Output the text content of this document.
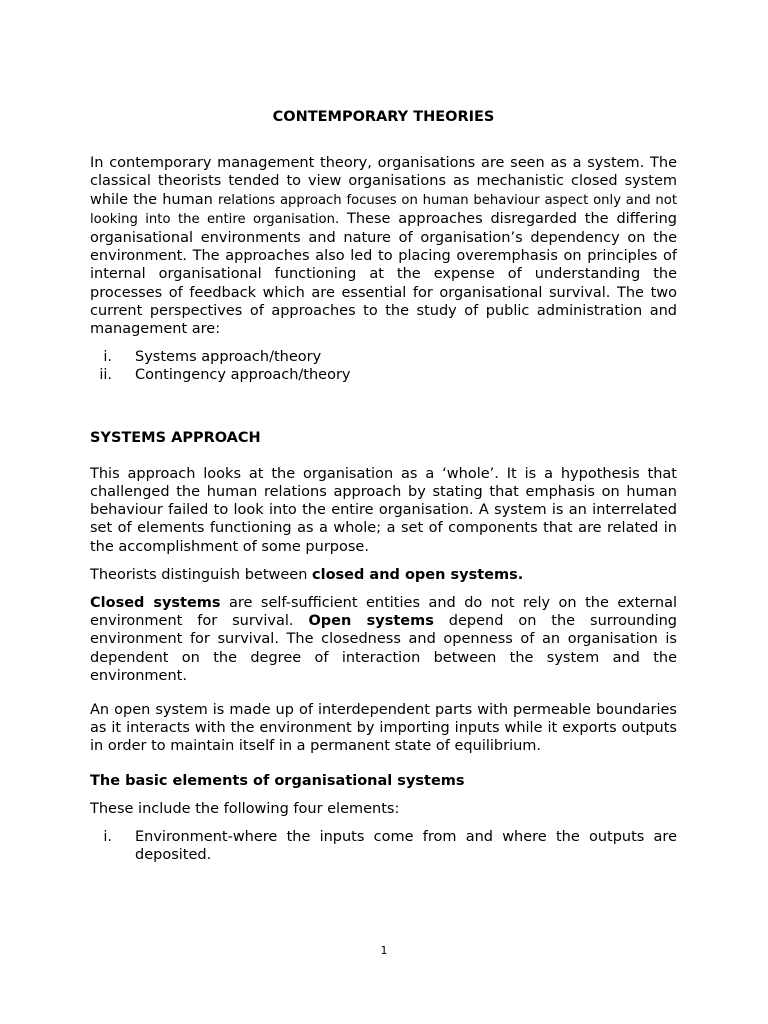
CONTEMPORARY THEORIES

In contemporary management theory, organisations are seen as a system. The classical theorists tended to view organisations as mechanistic closed system while the human relations approach focuses on human behaviour aspect only and not looking into the entire organisation. These approaches disregarded the differing organisational environments and nature of organisation’s dependency on the environment. The approaches also led to placing overemphasis on principles of internal organisational functioning at the expense of understanding the processes of feedback which are essential for organisational survival. The two current perspectives of approaches to the study of public administration and management are:

i. Systems approach/theory
ii. Contingency approach/theory
SYSTEMS APPROACH

This approach looks at the organisation as a ‘whole’. It is a hypothesis that challenged the human relations approach by stating that emphasis on human behaviour failed to look into the entire organisation. A system is an interrelated set of elements functioning as a whole; a set of components that are related in the accomplishment of some purpose.

Theorists distinguish between closed and open systems.

Closed systems are self-sufficient entities and do not rely on the external environment for survival. Open systems depend on the surrounding environment for survival. The closedness and openness of an organisation is dependent on the degree of interaction between the system and the environment.

An open system is made up of interdependent parts with permeable boundaries as it interacts with the environment by importing inputs while it exports outputs in order to maintain itself in a permanent state of equilibrium.

The basic elements of organisational systems

These include the following four elements:

i. Environment-where the inputs come from and where the outputs are deposited.
1
